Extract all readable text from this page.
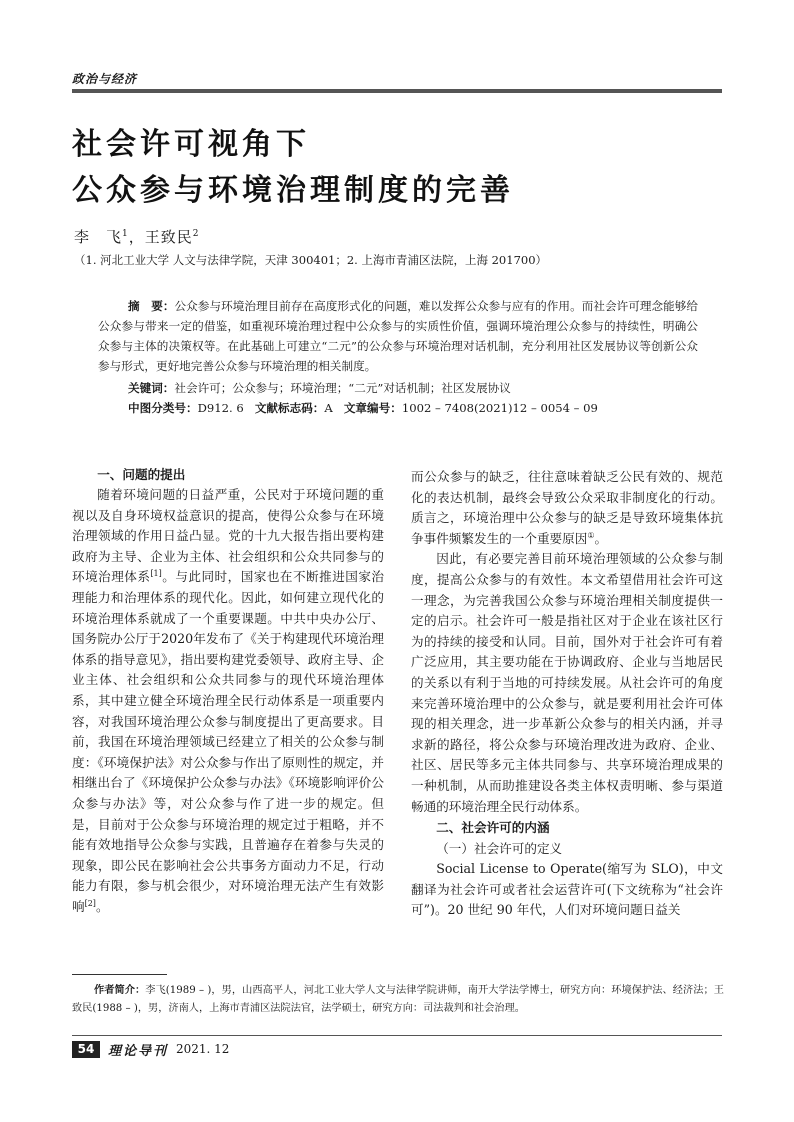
政治与经济
社会许可视角下
公众参与环境治理制度的完善
李　飞$^1$，王致民$^2$
（1. 河北工业大学 人文与法律学院，天津 300401；2. 上海市青浦区法院，上海 201700）

摘　要：公众参与环境治理目前存在高度形式化的问题，难以发挥公众参与应有的作用。而社会许可理念能够给公众参与带来一定的借鉴，如重视环境治理过程中公众参与的实质性价值，强调环境治理公众参与的持续性，明确公众参与主体的决策权等。在此基础上可建立“二元”的公众参与环境治理对话机制，充分利用社区发展协议等创新公众参与形式，更好地完善公众参与环境治理的相关制度。

关键词：社会许可；公众参与；环境治理；“二元”对话机制；社区发展协议
中图分类号：D912. 6 文献标志码：A 文章编号：1002 – 7408(2021)12 – 0054 – 09
一、问题的提出

随着环境问题的日益严重，公民对于环境问题的重视以及自身环境权益意识的提高，使得公众参与在环境治理领域的作用日益凸显。党的十九大报告指出要构建政府为主导、企业为主体、社会组织和公众共同参与的环境治理体系[1]。与此同时，国家也在不断推进国家治理能力和治理体系的现代化。因此，如何建立现代化的环境治理体系就成了一个重要课题。中共中央办公厅、国务院办公厅于2020年发布了《关于构建现代环境治理体系的指导意见》，指出要构建党委领导、政府主导、企业主体、社会组织和公众共同参与的现代环境治理体系，其中建立健全环境治理全民行动体系是一项重要内容，对我国环境治理公众参与制度提出了更高要求。目前，我国在环境治理领域已经建立了相关的公众参与制度：《环境保护法》对公众参与作出了原则性的规定，并相继出台了《环境保护公众参与办法》《环境影响评价公众参与办法》等，对公众参与作了进一步的规定。但是，目前对于公众参与环境治理的规定过于粗略，并不能有效地指导公众参与实践，且普遍存在着参与失灵的现象，即公民在影响社会公共事务方面动力不足，行动能力有限，参与机会很少，对环境治理无法产生有效影响[2]。

而公众参与的缺乏，往往意味着缺乏公民有效的、规范化的表达机制，最终会导致公众采取非制度化的行动。质言之，环境治理中公众参与的缺乏是导致环境集体抗争事件频繁发生的一个重要原因①。

因此，有必要完善目前环境治理领域的公众参与制度，提高公众参与的有效性。本文希望借用社会许可这一理念，为完善我国公众参与环境治理相关制度提供一定的启示。社会许可一般是指社区对于企业在该社区行为的持续的接受和认同。目前，国外对于社会许可有着广泛应用，其主要功能在于协调政府、企业与当地居民的关系以有利于当地的可持续发展。从社会许可的角度来完善环境治理中的公众参与，就是要利用社会许可体现的相关理念，进一步革新公众参与的相关内涵，并寻求新的路径，将公众参与环境治理改进为政府、企业、社区、居民等多元主体共同参与、共享环境治理成果的一种机制，从而助推建设各类主体权责明晰、参与渠道畅通的环境治理全民行动体系。

二、社会许可的内涵
（一）社会许可的定义

Social License to Operate(缩写为 SLO)，中文翻译为社会许可或者社会运营许可(下文统称为“社会许可”)。20 世纪 90 年代，人们对环境问题日益关

作者简介：李飞(1989 – )，男，山西高平人，河北工业大学人文与法律学院讲师，南开大学法学博士，研究方向：环境保护法、经济法；王致民(1988 – )，男，济南人，上海市青浦区法院法官，法学硕士，研究方向：司法裁判和社会治理。
54	理论导刊 2021. 12
